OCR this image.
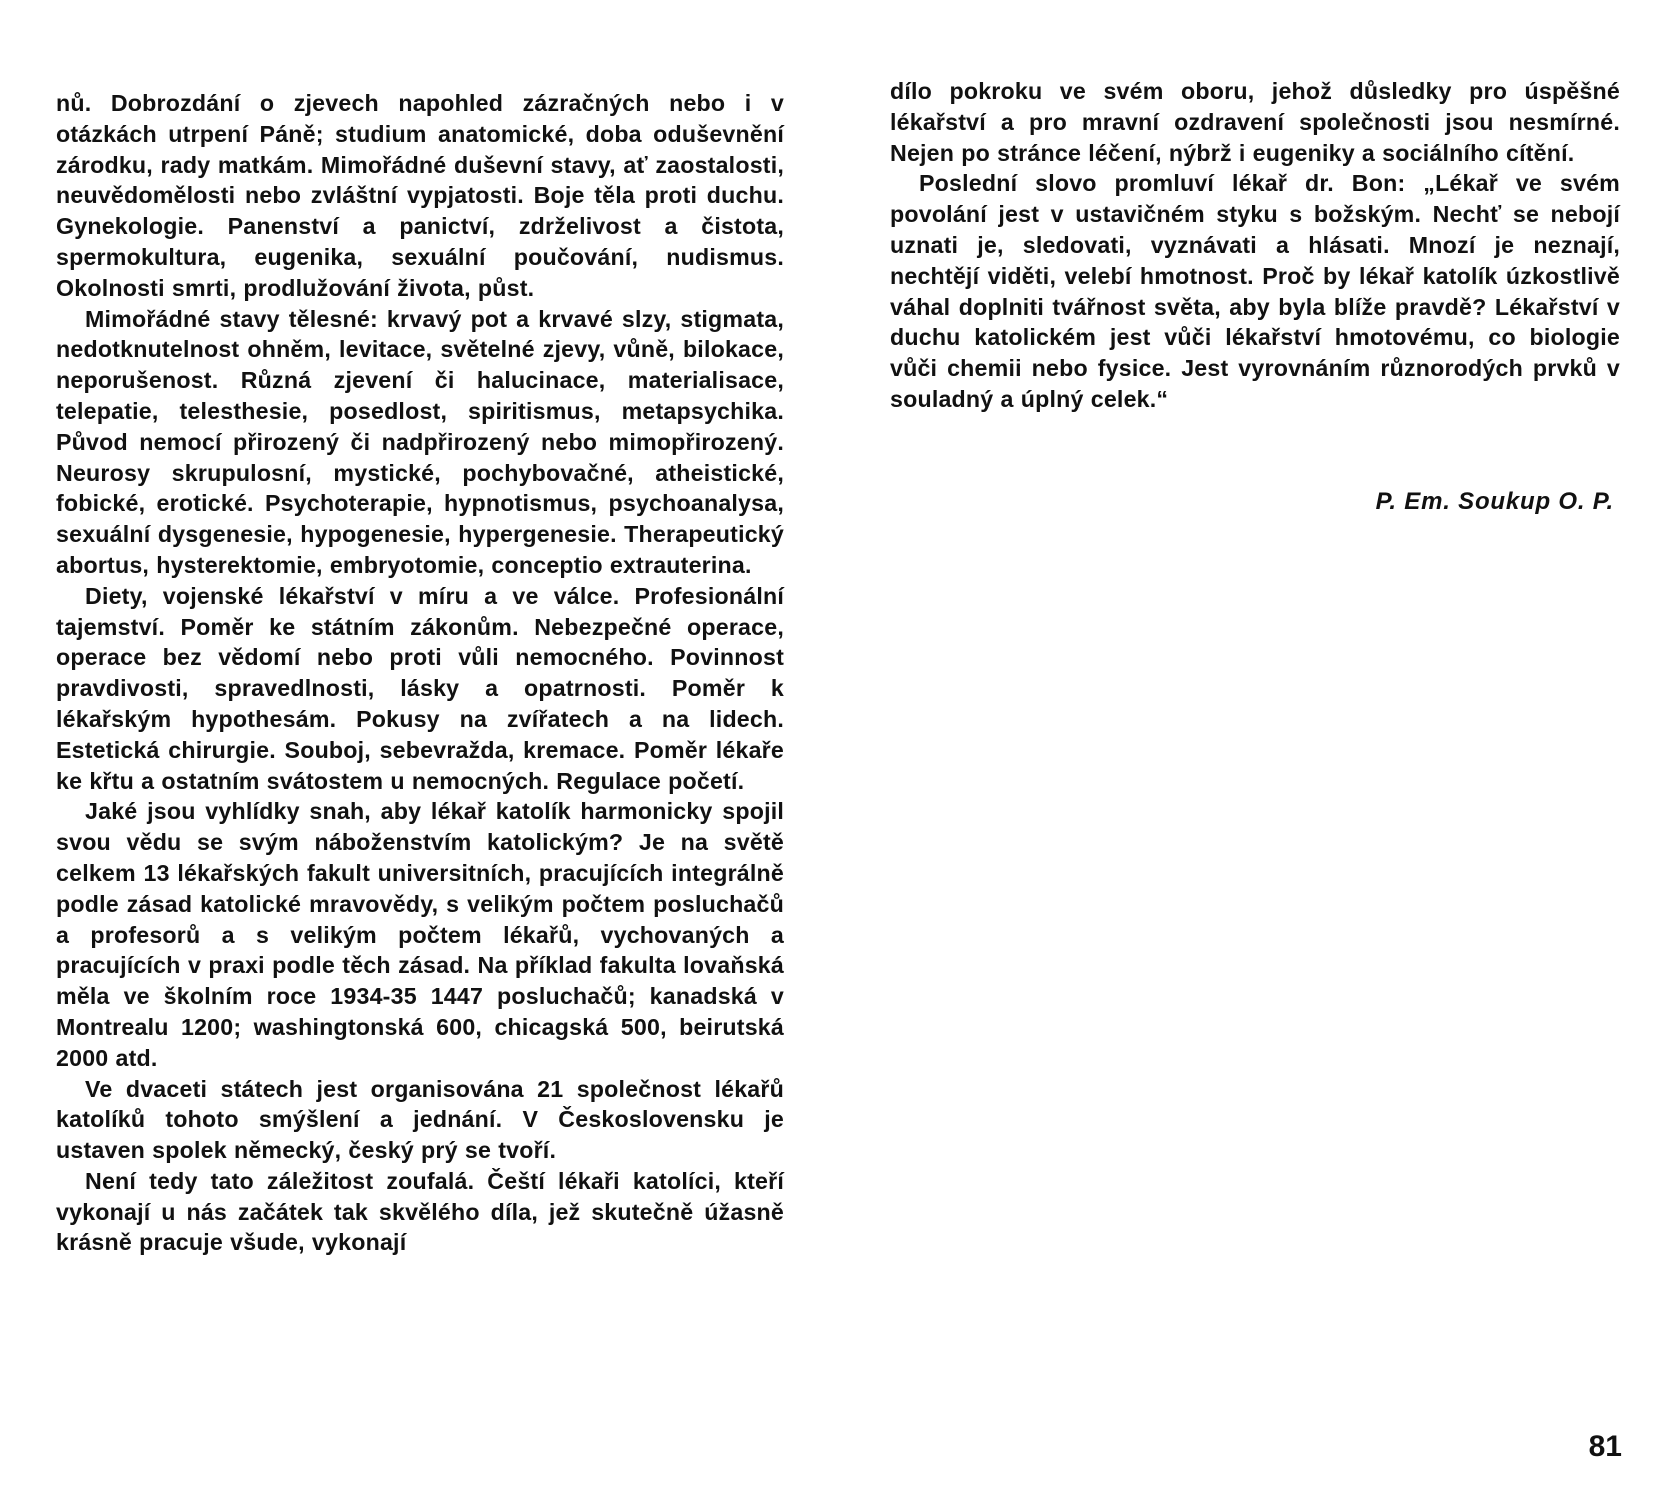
nů. Dobrozdání o zjevech napohled zázračných nebo i v otázkách utrpení Páně; studium anatomické, doba oduševnění zárodku, rady matkám. Mimořádné duševní stavy, ať zaostalosti, neuvědomělosti nebo zvláštní vypjatosti. Boje těla proti duchu. Gynekologie. Panenství a panictví, zdrželivost a čistota, spermokultura, eugenika, sexuální poučování, nudismus. Okolnosti smrti, prodlužování života, půst.

Mimořádné stavy tělesné: krvavý pot a krvavé slzy, stigmata, nedotknutelnost ohněm, levitace, světelné zjevy, vůně, bilokace, neporušenost. Různá zjevení či halucinace, materialisace, telepatie, telesthesie, posedlost, spiritismus, metapsychika. Původ nemocí přirozený či nadpřirozený nebo mimopřirozený. Neurosy skrupulosní, mystické, pochybovačné, atheistické, fobické, erotické. Psychoterapie, hypnotismus, psychoanalysa, sexuální dysgenesie, hypogenesie, hypergenesie. Therapeutický abortus, hysterektomie, embryotomie, conceptio extrauterina.

Diety, vojenské lékařství v míru a ve válce. Profesionální tajemství. Poměr ke státním zákonům. Nebezpečné operace, operace bez vědomí nebo proti vůli nemocného. Povinnost pravdivosti, spravedlnosti, lásky a opatrnosti. Poměr k lékařským hypothesám. Pokusy na zvířatech a na lidech. Estetická chirurgie. Souboj, sebevražda, kremace. Poměr lékaře ke křtu a ostatním svátostem u nemocných. Regulace početí.

Jaké jsou vyhlídky snah, aby lékař katolík harmonicky spojil svou vědu se svým náboženstvím katolickým? Je na světě celkem 13 lékařských fakult universitních, pracujících integrálně podle zásad katolické mravovědy, s velikým počtem posluchačů a profesorů a s velikým počtem lékařů, vychovaných a pracujících v praxi podle těch zásad. Na příklad fakulta lovaňská měla ve školním roce 1934-35 1447 posluchačů; kanadská v Montrealu 1200; washingtonská 600, chicagská 500, beirutská 2000 atd.

Ve dvaceti státech jest organisována 21 společnost lékařů katolíků tohoto smýšlení a jednání. V Československu je ustaven spolek německý, český prý se tvoří.

Není tedy tato záležitost zoufalá. Čeští lékaři katolíci, kteří vykonají u nás začátek tak skvělého díla, jež skutečně úžasně krásně pracuje všude, vykonají

dílo pokroku ve svém oboru, jehož důsledky pro úspěšné lékařství a pro mravní ozdravení společnosti jsou nesmírné. Nejen po stránce léčení, nýbrž i eugeniky a sociálního cítění.

Poslední slovo promluví lékař dr. Bon: „Lékař ve svém povolání jest v ustavičném styku s božským. Nechť se nebojí uznati je, sledovati, vyznávati a hlásati. Mnozí je neznají, nechtějí viděti, velebí hmotnost. Proč by lékař katolík úzkostlivě váhal doplniti tvářnost světa, aby byla blíže pravdě? Lékařství v duchu katolickém jest vůči lékařství hmotovému, co biologie vůči chemii nebo fysice. Jest vyrovnáním různorodých prvků v souladný a úplný celek.“

P. Em. Soukup O. P.
81
